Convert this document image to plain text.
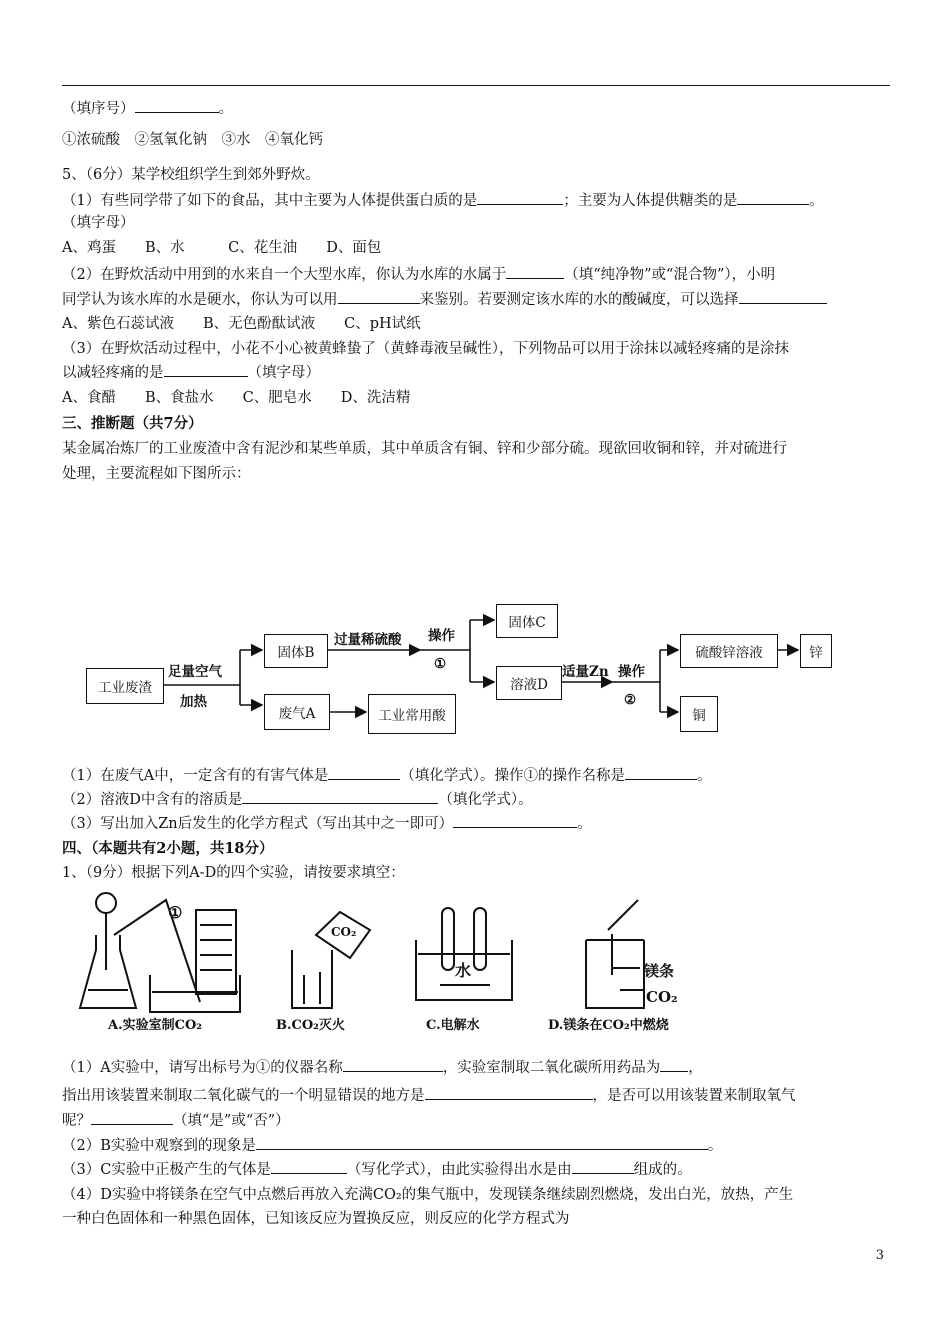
（填序号）	。
①浓硫酸　②氢氧化钠　③水　④氧化钙
5、（6分）某学校组织学生到郊外野炊。
（1）有些同学带了如下的食品，其中主要为人体提供蛋白质的是	；主要为人体提供糖类的是	。
（填字母）
A、鸡蛋　　B、水　　　C、花生油　　D、面包
（2）在野炊活动中用到的水来自一个大型水库，你认为水库的水属于	（填“纯净物”或“混合物”），小明
同学认为该水库的水是硬水，你认为可以用	来鉴别。若要测定该水库的水的酸碱度，可以选择
A、紫色石蕊试液　　B、无色酚酞试液　　C、pH试纸
（3）在野炊活动过程中，小花不小心被黄蜂蛰了（黄蜂毒液呈碱性），下列物品可以用于涂抹以减轻疼痛的是涂抹
以减轻疼痛的是	（填字母）
A、食醋　　B、食盐水　　C、肥皂水　　D、洗洁精
三、推断题（共7分）
某金属冶炼厂的工业废渣中含有泥沙和某些单质，其中单质含有铜、锌和少部分硫。现欲回收铜和锌，并对硫进行
处理，主要流程如下图所示：
工业废渣
固体B
废气A	工业常用酸
固体C
溶液D
硫酸锌溶液	锌
铜
足量空气
加热
过量稀硫酸 操作
①	适量Zn 操作
②
（1）在废气A中，一定含有的有害气体是	（填化学式）。操作①的操作名称是	。
（2）溶液D中含有的溶质是	（填化学式）。
（3）写出加入Zn后发生的化学方程式（写出其中之一即可）	。
四、（本题共有2小题，共18分）
1、（9分）根据下列A-D的四个实验，请按要求填空：
①
A.实验室制CO₂
CO₂
B.CO₂灭火
水
C.电解水
镁条
CO₂
D.镁条在CO₂中燃烧
（1）A实验中，请写出标号为①的仪器名称	，实验室制取二氧化碳所用药品为 ，
指出用该装置来制取二氧化碳气的一个明显错误的地方是	，是否可以用该装置来制取氧气
呢？	（填“是”或“否”）
（2）B实验中观察到的现象是	。
（3）C实验中正极产生的气体是	（写化学式），由此实验得出水是由	组成的。
（4）D实验中将镁条在空气中点燃后再放入充满CO₂的集气瓶中，发现镁条继续剧烈燃烧，发出白光，放热，产生
一种白色固体和一种黑色固体，已知该反应为置换反应，则反应的化学方程式为
3
